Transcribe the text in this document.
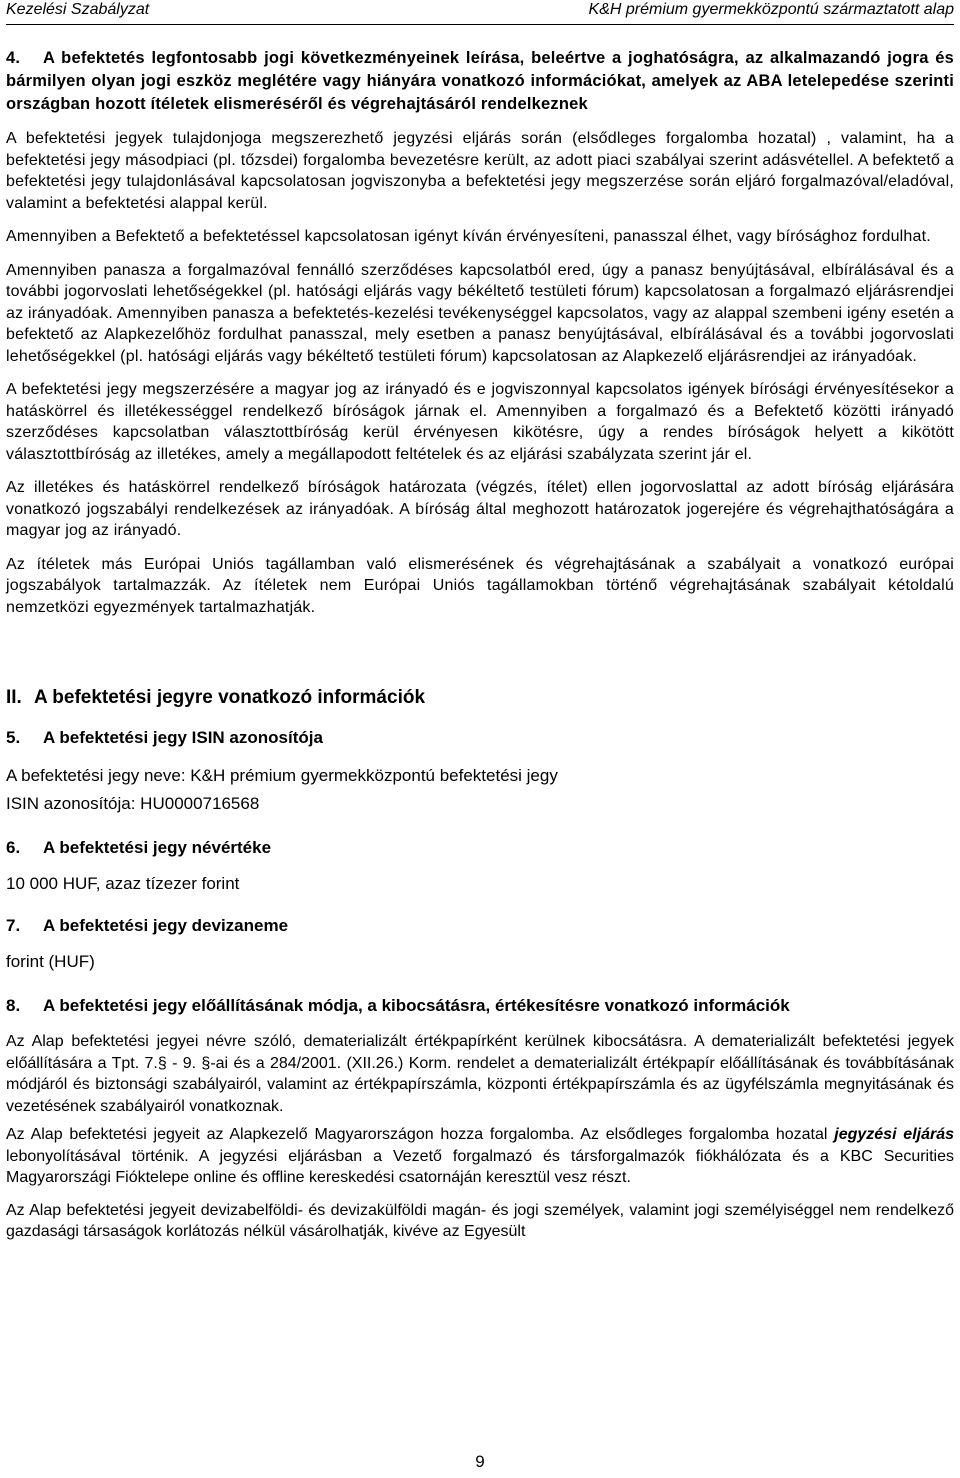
Kezelési Szabályzat	K&H prémium gyermekközpontú származtatott alap

4. A befektetés legfontosabb jogi következményeinek leírása, beleértve a joghatóságra, az alkalmazandó jogra és bármilyen olyan jogi eszköz meglétére vagy hiányára vonatkozó információkat, amelyek az ABA letelepedése szerinti országban hozott ítéletek elismeréséről és végrehajtásáról rendelkeznek

A befektetési jegyek tulajdonjoga megszerezhető jegyzési eljárás során (elsődleges forgalomba hozatal) , valamint, ha a befektetési jegy másodpiaci (pl. tőzsdei) forgalomba bevezetésre került, az adott piaci szabályai szerint adásvétellel. A befektető a befektetési jegy tulajdonlásával kapcsolatosan jogviszonyba a befektetési jegy megszerzése során eljáró forgalmazóval/eladóval, valamint a befektetési alappal kerül.

Amennyiben a Befektető a befektetéssel kapcsolatosan igényt kíván érvényesíteni, panasszal élhet, vagy bírósághoz fordulhat.

Amennyiben panasza a forgalmazóval fennálló szerződéses kapcsolatból ered, úgy a panasz benyújtásával, elbírálásával és a további jogorvoslati lehetőségekkel (pl. hatósági eljárás vagy békéltető testületi fórum) kapcsolatosan a forgalmazó eljárásrendjei az irányadóak. Amennyiben panasza a befektetés-kezelési tevékenységgel kapcsolatos, vagy az alappal szembeni igény esetén a befektető az Alapkezelőhöz fordulhat panasszal, mely esetben a panasz benyújtásával, elbírálásával és a további jogorvoslati lehetőségekkel (pl. hatósági eljárás vagy békéltető testületi fórum) kapcsolatosan az Alapkezelő eljárásrendjei az irányadóak.

A befektetési jegy megszerzésére a magyar jog az irányadó és e jogviszonnyal kapcsolatos igények bírósági érvényesítésekor a hatáskörrel és illetékességgel rendelkező bíróságok járnak el. Amennyiben a forgalmazó és a Befektető közötti irányadó szerződéses kapcsolatban választottbíróság kerül érvényesen kikötésre, úgy a rendes bíróságok helyett a kikötött választottbíróság az illetékes, amely a megállapodott feltételek és az eljárási szabályzata szerint jár el.

Az illetékes és hatáskörrel rendelkező bíróságok határozata (végzés, ítélet) ellen jogorvoslattal az adott bíróság eljárására vonatkozó jogszabályi rendelkezések az irányadóak. A bíróság által meghozott határozatok jogerejére és végrehajthatóságára a magyar jog az irányadó.

Az ítéletek más Európai Uniós tagállamban való elismerésének és végrehajtásának a szabályait a vonatkozó európai jogszabályok tartalmazzák. Az ítéletek nem Európai Uniós tagállamokban történő végrehajtásának szabályait kétoldalú nemzetközi egyezmények tartalmazhatják.

II. A befektetési jegyre vonatkozó információk
5. A befektetési jegy ISIN azonosítója

A befektetési jegy neve: K&H prémium gyermekközpontú befektetési jegy

ISIN azonosítója: HU0000716568

6. A befektetési jegy névértéke

10 000 HUF, azaz tízezer forint

7. A befektetési jegy devizaneme

forint (HUF)

8. A befektetési jegy előállításának módja, a kibocsátásra, értékesítésre vonatkozó információk

Az Alap befektetési jegyei névre szóló, dematerializált értékpapírként kerülnek kibocsátásra. A dematerializált befektetési jegyek előállítására a Tpt. 7.§ - 9. §-ai és a 284/2001. (XII.26.) Korm. rendelet a dematerializált értékpapír előállításának és továbbításának módjáról és biztonsági szabályairól, valamint az értékpapírszámla, központi értékpapírszámla és az ügyfélszámla megnyitásának és vezetésének szabályairól vonatkoznak.

Az Alap befektetési jegyeit az Alapkezelő Magyarországon hozza forgalomba. Az elsődleges forgalomba hozatal jegyzési eljárás lebonyolításával történik. A jegyzési eljárásban a Vezető forgalmazó és társforgalmazók fiókhálózata és a KBC Securities Magyarországi Fióktelepe online és offline kereskedési csatornáján keresztül vesz részt.

Az Alap befektetési jegyeit devizabelföldi- és devizakülföldi magán- és jogi személyek, valamint jogi személyiséggel nem rendelkező gazdasági társaságok korlátozás nélkül vásárolhatják, kivéve az Egyesült

9
